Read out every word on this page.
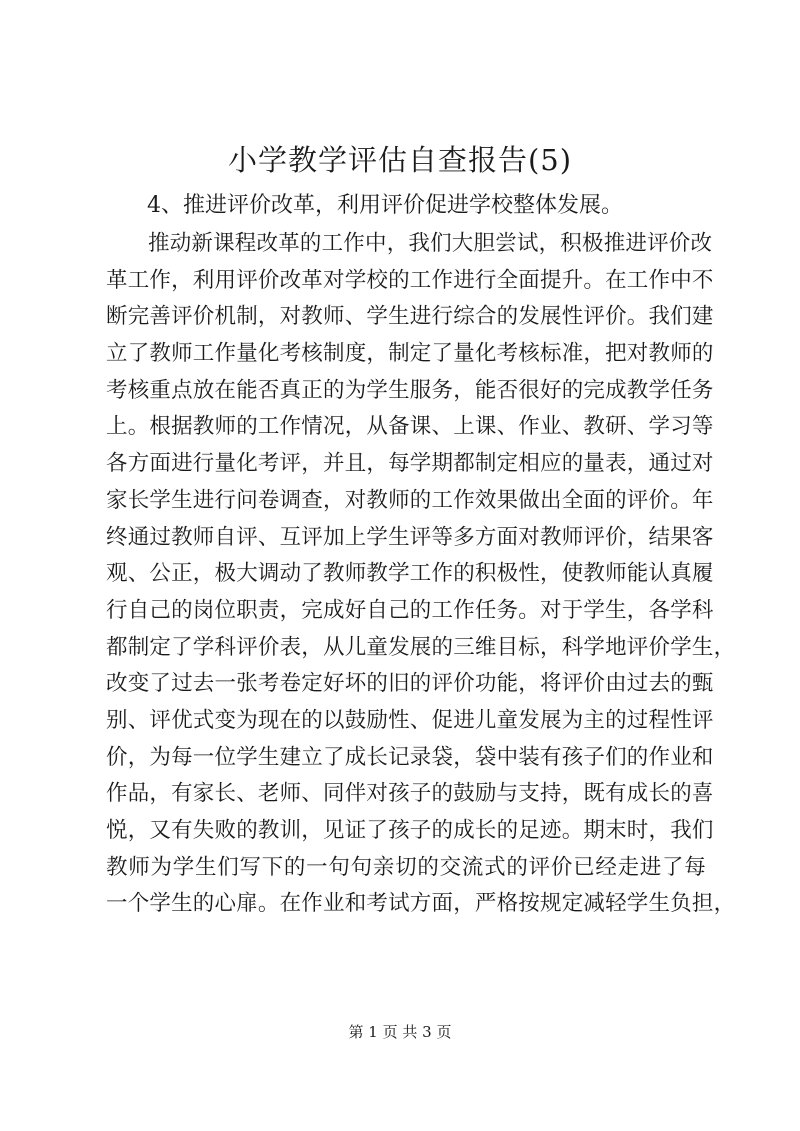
小学教学评估自查报告(5)

4、推进评价改革，利用评价促进学校整体发展。

推动新课程改革的工作中，我们大胆尝试，积极推进评价改
革工作，利用评价改革对学校的工作进行全面提升。在工作中不
断完善评价机制，对教师、学生进行综合的发展性评价。我们建
立了教师工作量化考核制度，制定了量化考核标准，把对教师的
考核重点放在能否真正的为学生服务，能否很好的完成教学任务
上。根据教师的工作情况，从备课、上课、作业、教研、学习等
各方面进行量化考评，并且，每学期都制定相应的量表，通过对
家长学生进行问卷调查，对教师的工作效果做出全面的评价。年
终通过教师自评、互评加上学生评等多方面对教师评价，结果客
观、公正，极大调动了教师教学工作的积极性，使教师能认真履
行自己的岗位职责，完成好自己的工作任务。对于学生，各学科
都制定了学科评价表，从儿童发展的三维目标，科学地评价学生，
改变了过去一张考卷定好坏的旧的评价功能，将评价由过去的甄
别、评优式变为现在的以鼓励性、促进儿童发展为主的过程性评
价，为每一位学生建立了成长记录袋，袋中装有孩子们的作业和
作品，有家长、老师、同伴对孩子的鼓励与支持，既有成长的喜
悦，又有失败的教训，见证了孩子的成长的足迹。期末时，我们
教师为学生们写下的一句句亲切的交流式的评价已经走进了每
一个学生的心扉。在作业和考试方面，严格按规定减轻学生负担，
第 1 页 共 3 页
